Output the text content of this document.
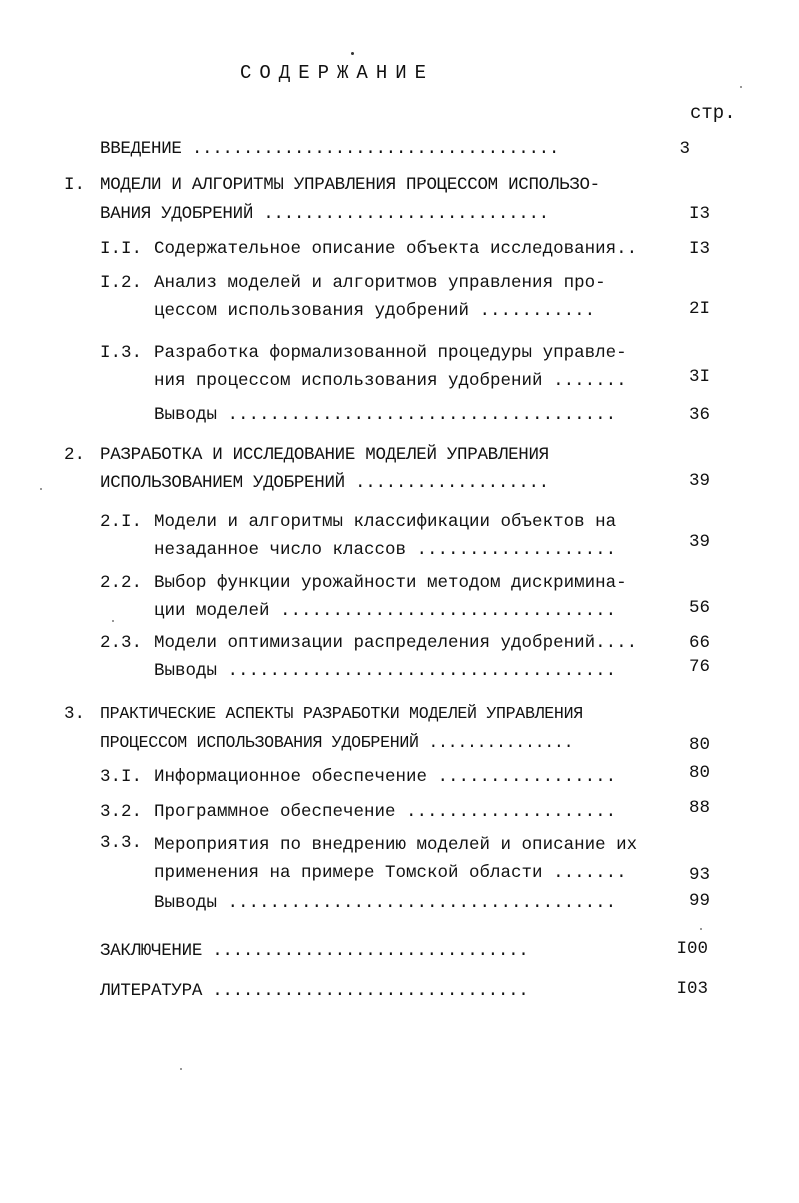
СОДЕРЖАНИЕ
стр.
ВВЕДЕНИЕ ....................................	3
I. МОДЕЛИ И АЛГОРИТМЫ УПРАВЛЕНИЯ ПРОЦЕССОМ ИСПОЛЬЗО-
ВАНИЯ УДОБРЕНИЙ ............................	I3
I.I. Содержательное описание объекта исследования..	I3
I.2. Анализ моделей и алгоритмов управления про-
цессом использования удобрений ...........	2I
I.3. Разработка формализованной процедуры управле-
ния процессом использования удобрений .......	3I
Выводы .....................................	36
2. РАЗРАБОТКА И ИССЛЕДОВАНИЕ МОДЕЛЕЙ УПРАВЛЕНИЯ
ИСПОЛЬЗОВАНИЕМ УДОБРЕНИЙ ...................	39
2.I. Модели и алгоритмы классификации объектов на
незаданное число классов ...................	39
2.2. Выбор функции урожайности методом дискримина-
ции моделей ................................	56
2.3. Модели оптимизации распределения удобрений....	66
Выводы .....................................	76
3. ПРАКТИЧЕСКИЕ АСПЕКТЫ РАЗРАБОТКИ МОДЕЛЕЙ УПРАВЛЕНИЯ
ПРОЦЕССОМ ИСПОЛЬЗОВАНИЯ УДОБРЕНИЙ ...............	80
3.I. Информационное обеспечение .................	80
3.2. Программное обеспечение ....................	88
3.3. Мероприятия по внедрению моделей и описание их
применения на примере Томской области .......	93
Выводы .....................................	99
ЗАКЛЮЧЕНИЕ ...............................	I00
ЛИТЕРАТУРА ...............................	I03
